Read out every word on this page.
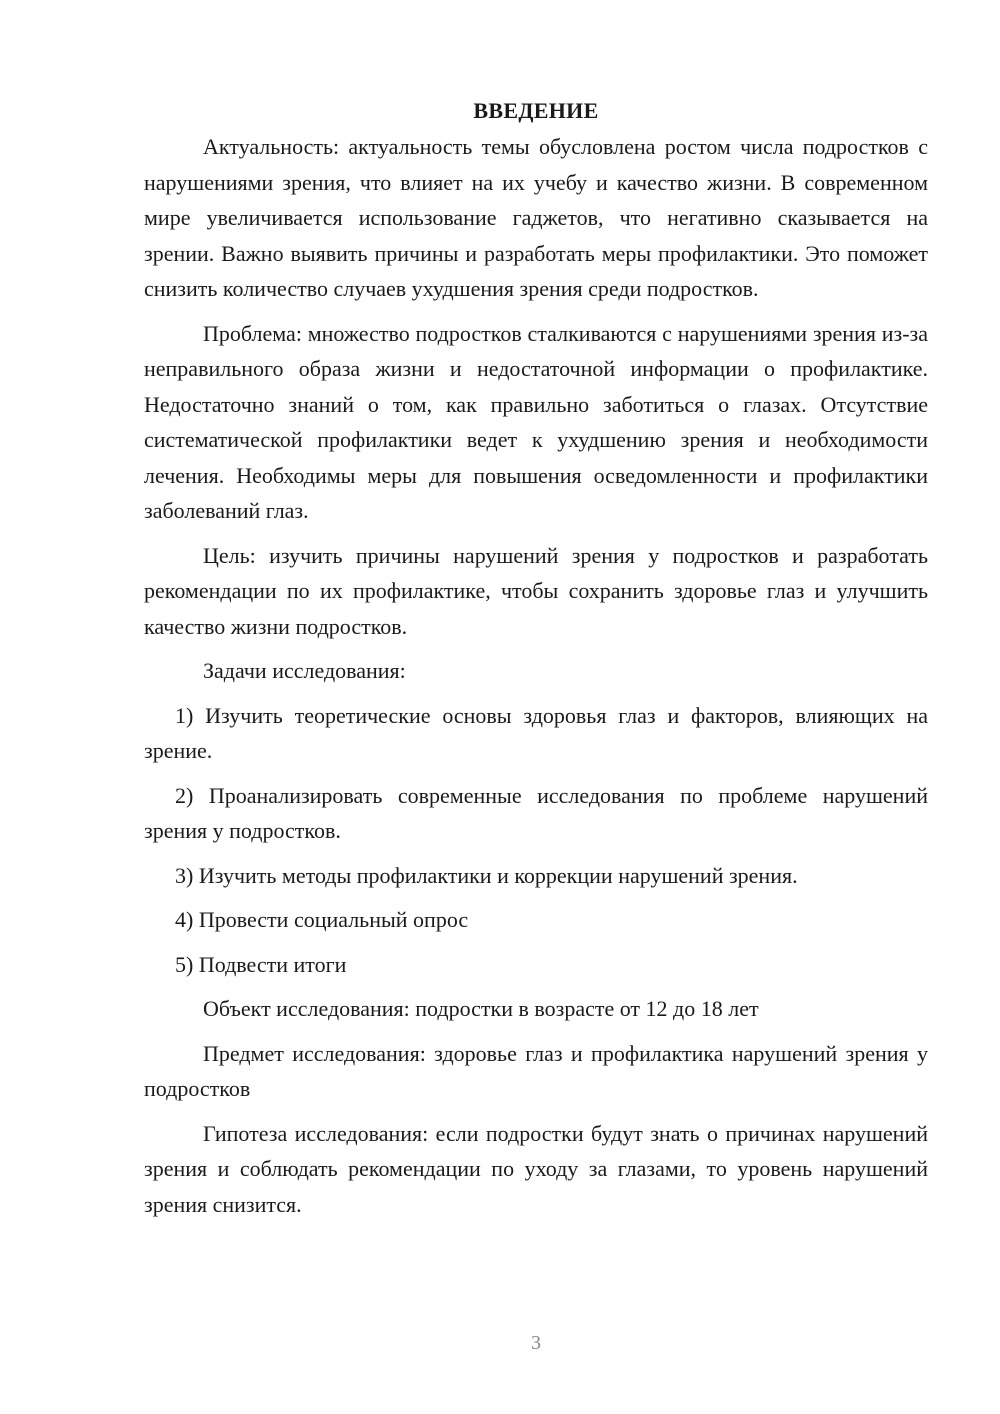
ВВЕДЕНИЕ

Актуальность: актуальность темы обусловлена ростом числа подростков с нарушениями зрения, что влияет на их учебу и качество жизни. В современном мире увеличивается использование гаджетов, что негативно сказывается на зрении. Важно выявить причины и разработать меры профилактики. Это поможет снизить количество случаев ухудшения зрения среди подростков.

Проблема: множество подростков сталкиваются с нарушениями зрения из-за неправильного образа жизни и недостаточной информации о профилактике. Недостаточно знаний о том, как правильно заботиться о глазах. Отсутствие систематической профилактики ведет к ухудшению зрения и необходимости лечения. Необходимы меры для повышения осведомленности и профилактики заболеваний глаз.

Цель: изучить причины нарушений зрения у подростков и разработать рекомендации по их профилактике, чтобы сохранить здоровье глаз и улучшить качество жизни подростков.

Задачи исследования:

1) Изучить теоретические основы здоровья глаз и факторов, влияющих на зрение.

2) Проанализировать современные исследования по проблеме нарушений зрения у подростков.

3) Изучить методы профилактики и коррекции нарушений зрения.

4) Провести социальный опрос

5) Подвести итоги

Объект исследования: подростки в возрасте от 12 до 18 лет

Предмет исследования: здоровье глаз и профилактика нарушений зрения у подростков

Гипотеза исследования: если подростки будут знать о причинах нарушений зрения и соблюдать рекомендации по уходу за глазами, то уровень нарушений зрения снизится.

3
